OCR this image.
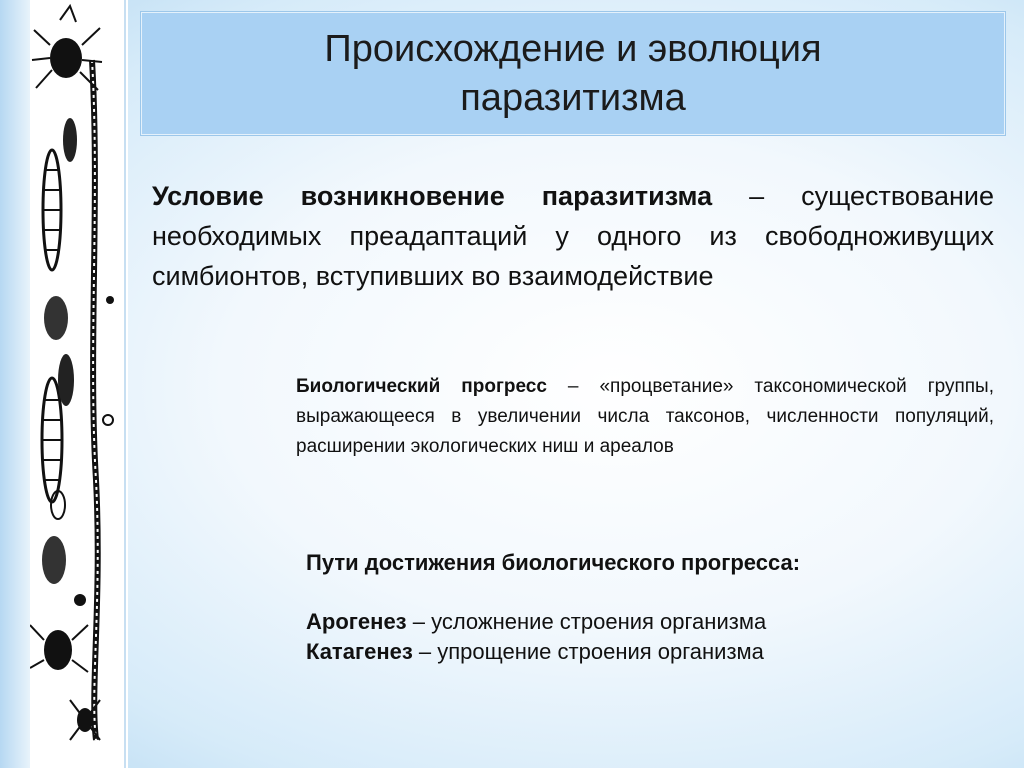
Происхождение и эволюция
паразитизма
Условие возникновение паразитизма – существование необходимых преадаптаций у одного из свободноживущих симбионтов, вступивших во взаимодействие
Биологический прогресс – «процветание» таксономической группы, выражающееся в увеличении числа таксонов, численности популяций, расширении экологических ниш и ареалов
Пути достижения биологического прогресса:
Арогенез – усложнение строения организма
Катагенез – упрощение строения организма
